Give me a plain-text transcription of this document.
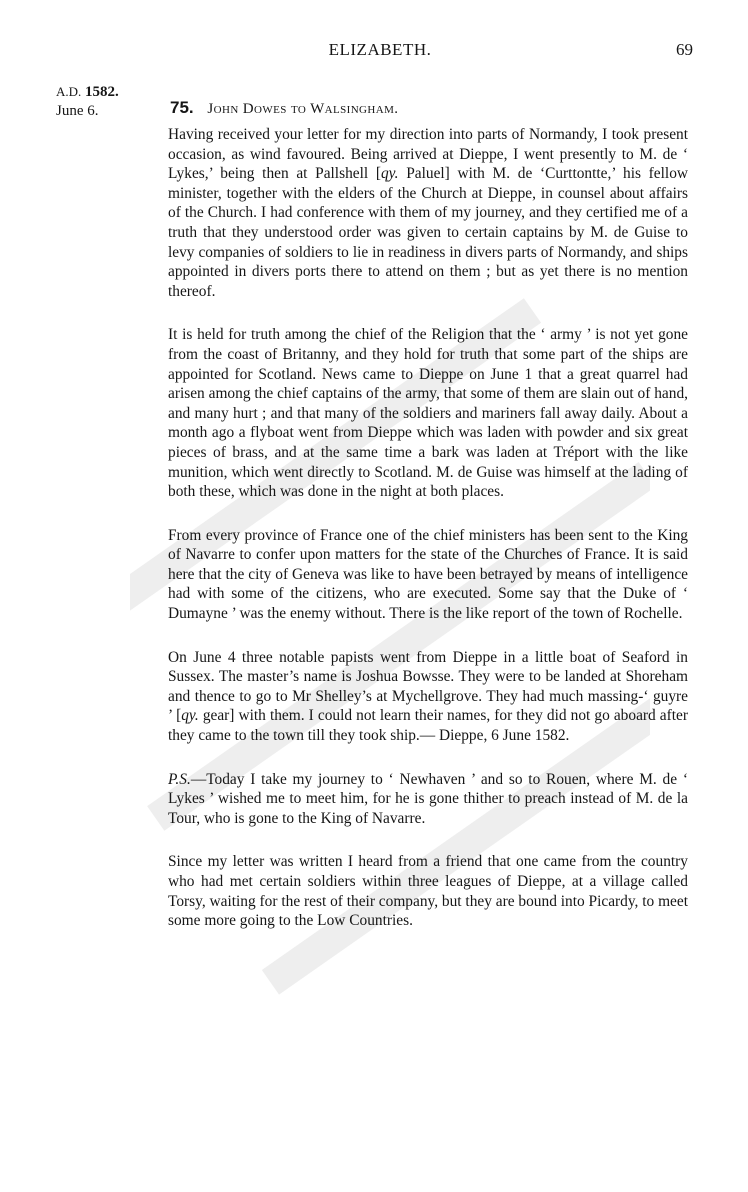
ELIZABETH.	69
A.D. 1582.
June 6.	75. John Dowes to Walsingham.

Having received your letter for my direction into parts of Normandy, I took present occasion, as wind favoured. Being arrived at Dieppe, I went presently to M. de ‘ Lykes,’ being then at Pallshell [qy. Paluel] with M. de ‘Curttontte,’ his fellow minister, together with the elders of the Church at Dieppe, in counsel about affairs of the Church. I had conference with them of my journey, and they certified me of a truth that they understood order was given to certain captains by M. de Guise to levy companies of soldiers to lie in readiness in divers parts of Normandy, and ships appointed in divers ports there to attend on them ; but as yet there is no mention thereof.

It is held for truth among the chief of the Religion that the ‘ army ’ is not yet gone from the coast of Britanny, and they hold for truth that some part of the ships are appointed for Scotland. News came to Dieppe on June 1 that a great quarrel had arisen among the chief captains of the army, that some of them are slain out of hand, and many hurt ; and that many of the soldiers and mariners fall away daily. About a month ago a flyboat went from Dieppe which was laden with powder and six great pieces of brass, and at the same time a bark was laden at Tréport with the like munition, which went directly to Scotland. M. de Guise was himself at the lading of both these, which was done in the night at both places.

From every province of France one of the chief ministers has been sent to the King of Navarre to confer upon matters for the state of the Churches of France. It is said here that the city of Geneva was like to have been betrayed by means of intelligence had with some of the citizens, who are executed. Some say that the Duke of ‘ Dumayne ’ was the enemy without. There is the like report of the town of Rochelle.

On June 4 three notable papists went from Dieppe in a little boat of Seaford in Sussex. The master’s name is Joshua Bowsse. They were to be landed at Shoreham and thence to go to Mr Shelley’s at Mychellgrove. They had much massing-‘ guyre ’ [qy. gear] with them. I could not learn their names, for they did not go aboard after they came to the town till they took ship.— Dieppe, 6 June 1582.

P.S.—Today I take my journey to ‘ Newhaven ’ and so to Rouen, where M. de ‘ Lykes ’ wished me to meet him, for he is gone thither to preach instead of M. de la Tour, who is gone to the King of Navarre.

Since my letter was written I heard from a friend that one came from the country who had met certain soldiers within three leagues of Dieppe, at a village called Torsy, waiting for the rest of their company, but they are bound into Picardy, to meet some more going to the Low Countries.
